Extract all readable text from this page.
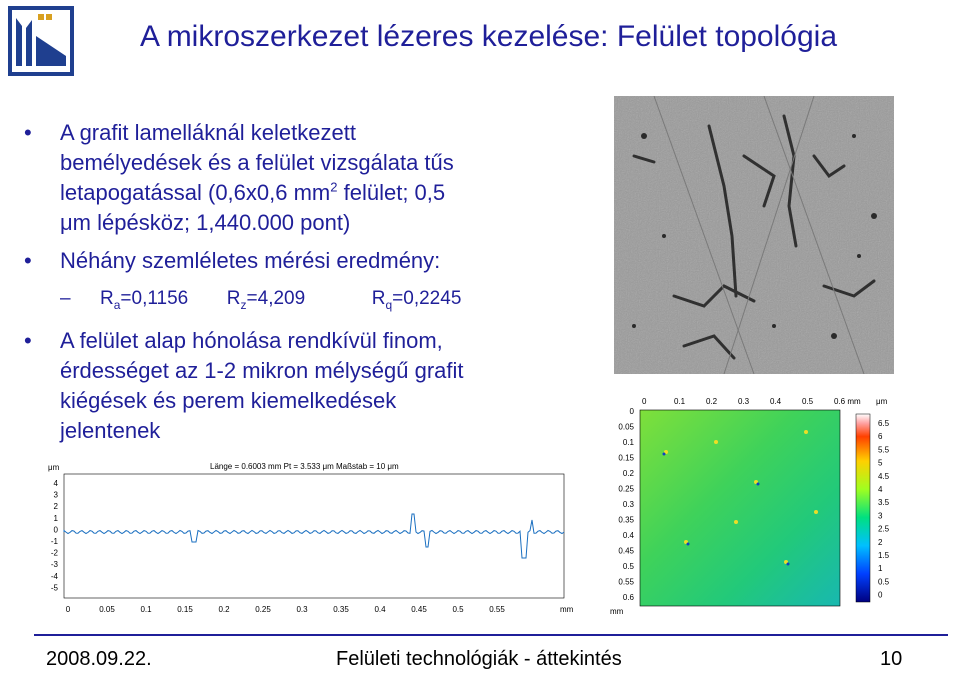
A mikroszerkezet lézeres kezelése: Felület topológia
• A grafit lamelláknál keletkezett
bemélyedések és a felület vizsgálata tűs
letapogatással (0,6x0,6 $mm^2$ felület; 0,5
μm lépésköz; 1,440.000 pont)
• Néhány szemléletes mérési eredmény:
– $R_a=0,1156$ $R_z=4,209$	$R_q=0,2245$
• A felület alap hónolása rendkívül finom,
érdességet az 1-2 mikron mélységű grafit
kiégések és perem kiemelkedések
jelentenek
0	0.1	0.2	0.3	0.4	0.5	0.6 mm
0
0.05
0.1
0.15
0.2
0.25
0.3
0.35
0.4
0.45
0.5
0.55
0.6
mm
μm
6.5
6
5.5
5
4.5
4
3.5
3
2.5
2
1.5
1
0.5
0
μm	Länge = 0.6003 mm Pt = 3.533 μm Maßstab = 10 μm
4
3
2
1
0
-1
-2
-3
-4
-5
0	0.05	0.1	0.15	0.2	0.25	0.3	0.35	0.4	0.45	0.5	0.55	mm
2008.09.22.	Felületi technológiák - áttekintés	10
